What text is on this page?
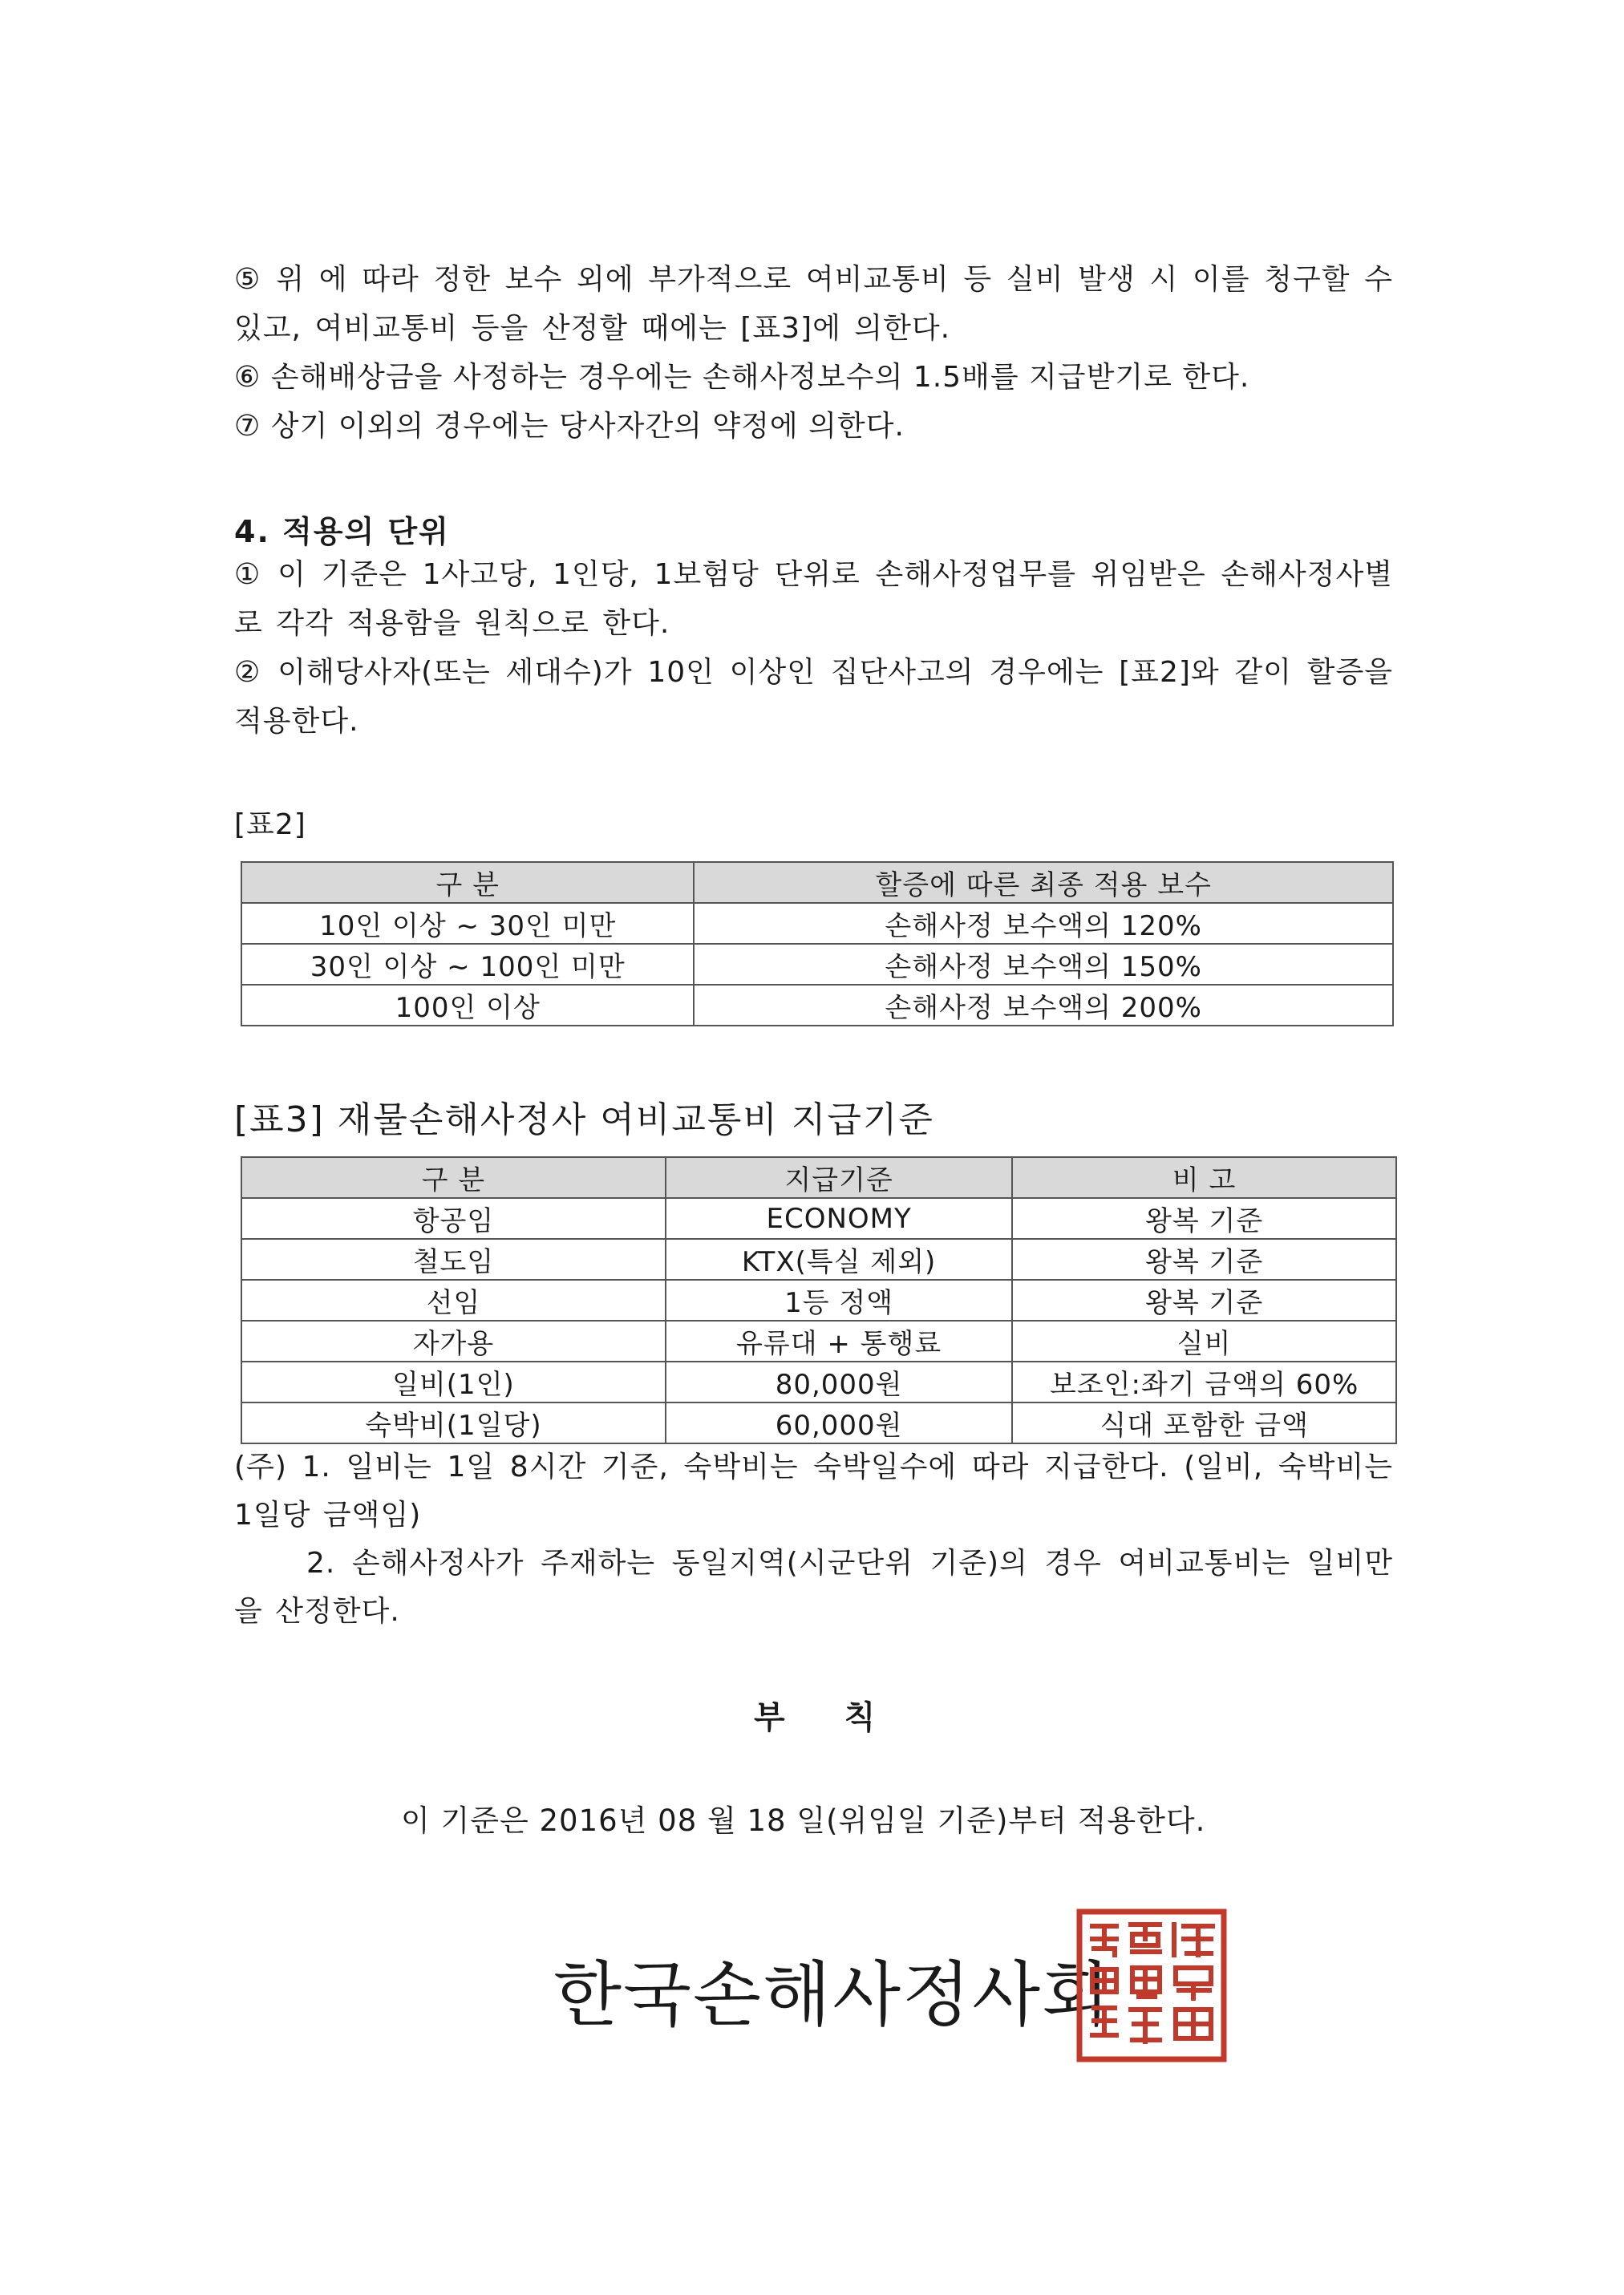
⑤ 위 에 따라 정한 보수 외에 부가적으로 여비교통비 등 실비 발생 시 이를 청구할 수 있고, 여비교통비 등을 산정할 때에는 [표3]에 의한다.
⑥ 손해배상금을 사정하는 경우에는 손해사정보수의 1.5배를 지급받기로 한다.
⑦ 상기 이외의 경우에는 당사자간의 약정에 의한다.
4. 적용의 단위
① 이 기준은 1사고당, 1인당, 1보험당 단위로 손해사정업무를 위임받은 손해사정사별로 각각 적용함을 원칙으로 한다.
② 이해당사자(또는 세대수)가 10인 이상인 집단사고의 경우에는 [표2]와 같이 할증을 적용한다.
[표2]
구 분	할증에 따른 최종 적용 보수
10인 이상 ~ 30인 미만	손해사정 보수액의 120%
30인 이상 ~ 100인 미만	손해사정 보수액의 150%
100인 이상	손해사정 보수액의 200%
[표3] 재물손해사정사 여비교통비 지급기준
구 분	지급기준	비 고
항공임	ECONOMY	왕복 기준
철도임	KTX(특실 제외)	왕복 기준
선임	1등 정액	왕복 기준
자가용	유류대 + 통행료	실비
일비(1인)	80,000원	보조인:좌기 금액의 60%
숙박비(1일당)	60,000원	식대 포함한 금액
(주) 1. 일비는 1일 8시간 기준, 숙박비는 숙박일수에 따라 지급한다. (일비, 숙박비는 1일당 금액임)
2. 손해사정사가 주재하는 동일지역(시군단위 기준)의 경우 여비교통비는 일비만을 산정한다.
부 칙
이 기준은 2016년 08 월 18 일(위임일 기준)부터 적용한다.
한국손해사정사회
